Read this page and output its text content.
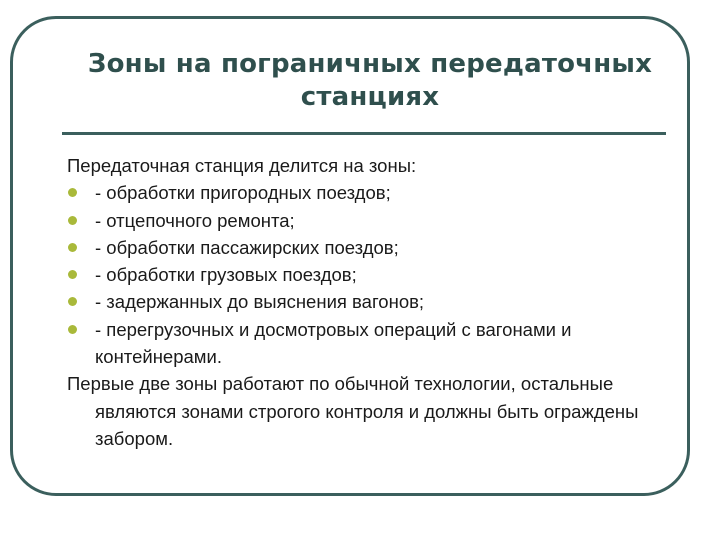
Зоны на пограничных передаточных
станциях

Передаточная станция делится на зоны:

- обработки пригородных поездов;
- отцепочного ремонта;
- обработки пассажирских поездов;
- обработки грузовых поездов;
- задержанных до выяснения вагонов;
- перегрузочных и досмотровых операций с вагонами и контейнерами.

Первые две зоны работают по обычной технологии, остальные являются зонами строгого контроля и должны быть ограждены забором.
